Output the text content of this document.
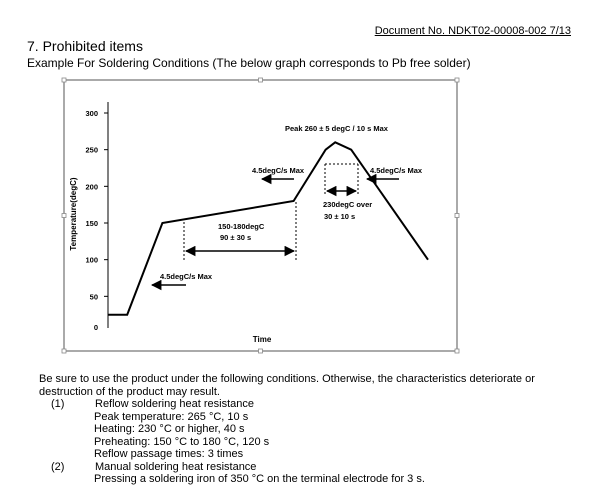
Document No. NDKT02-00008-002 7/13
7. Prohibited items
Example For Soldering Conditions (The below graph corresponds to Pb free solder)
300
250
200
150
100
50
0
Temperature(degC)
Time
Peak 260 ± 5 degC / 10 s Max
4.5degC/s Max
4.5degC/s Max	4.5degC/s Max
150-180degC
90 ± 30 s
230degC over
30 ± 10 s
Be sure to use the product under the following conditions. Otherwise, the characteristics deteriorate or destruction of the product may result.
(1)	Reflow soldering heat resistance
Peak temperature: 265 °C, 10 s
Heating: 230 °C or higher, 40 s
Preheating: 150 °C to 180 °C, 120 s
Reflow passage times: 3 times
(2)	Manual soldering heat resistance
Pressing a soldering iron of 350 °C on the terminal electrode for 3 s.
